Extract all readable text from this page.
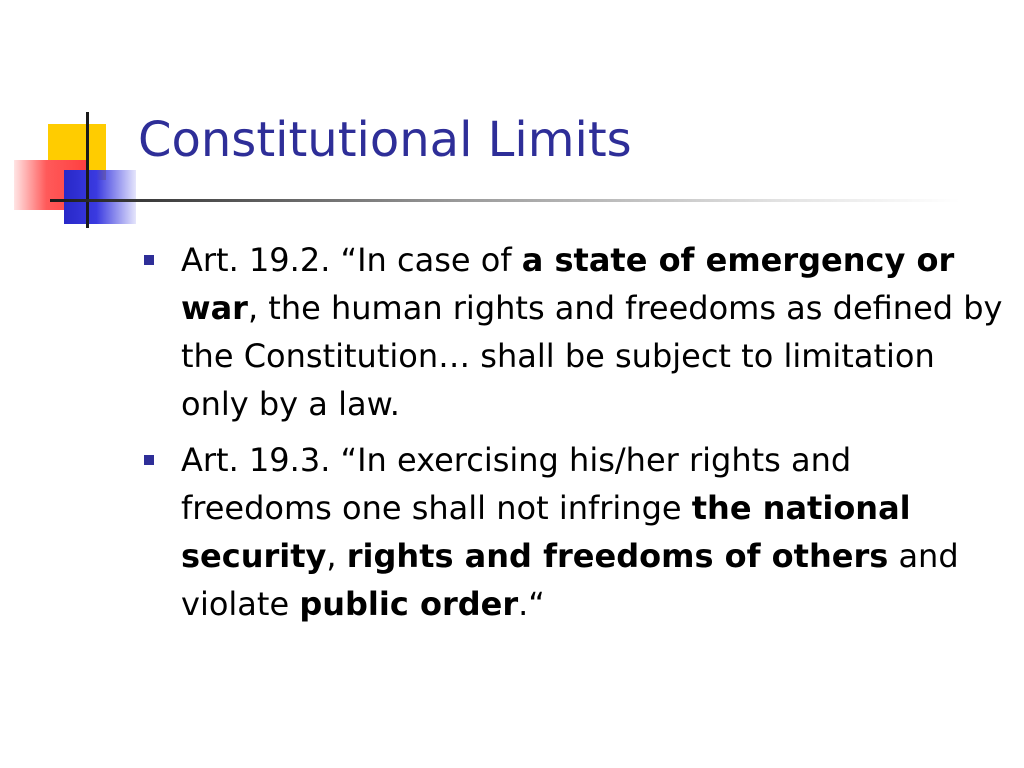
Constitutional Limits
Art. 19.2. “In case of a state of emergency or war, the human rights and freedoms as defined by the Constitution… shall be subject to limitation only by a law.
Art. 19.3. “In exercising his/her rights and freedoms one shall not infringe the national security, rights and freedoms of others and violate public order.“
